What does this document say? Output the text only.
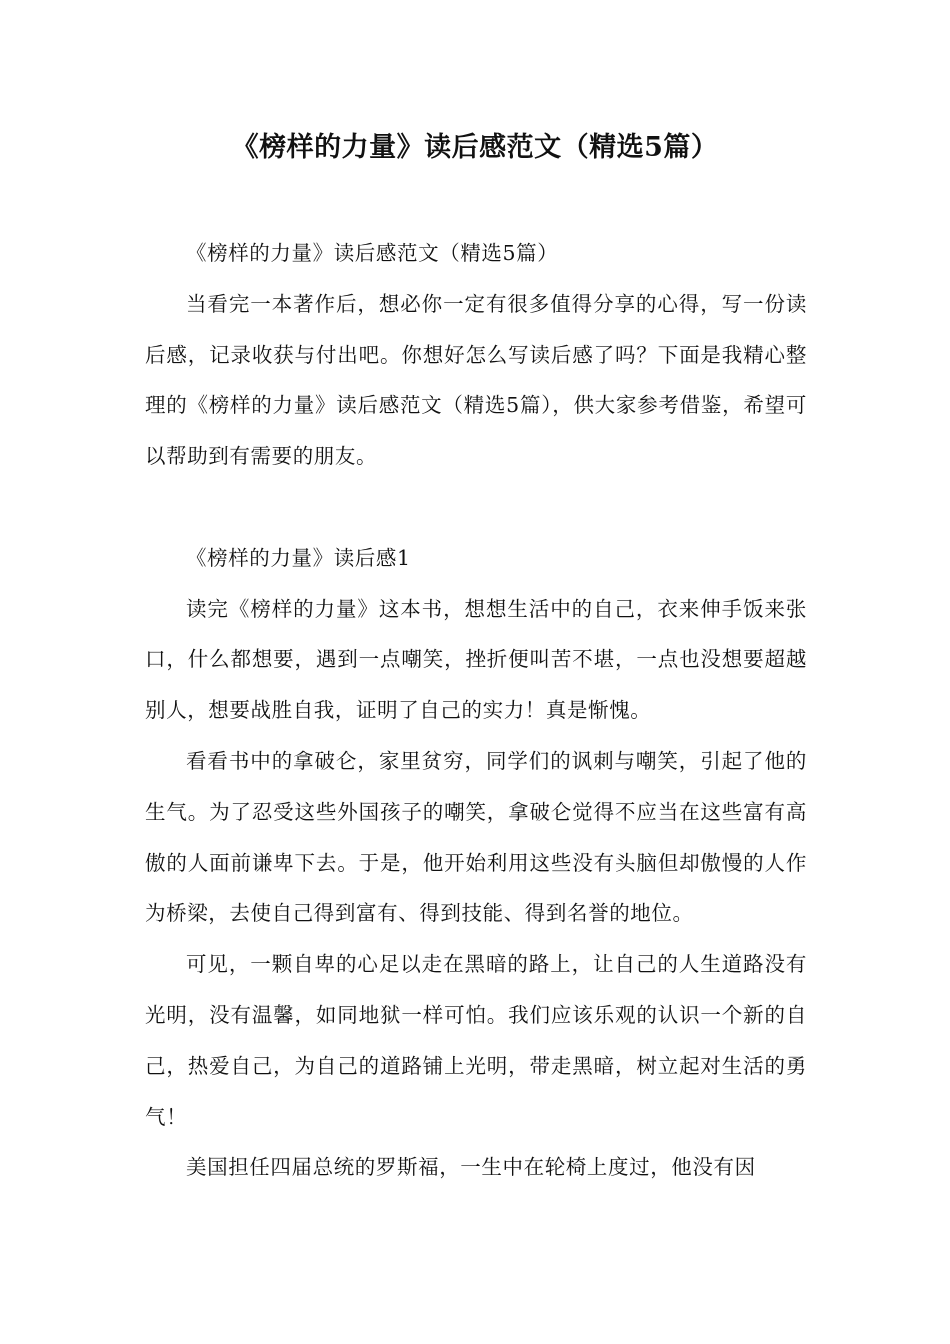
《榜样的力量》读后感范文（精选5篇）

《榜样的力量》读后感范文（精选5篇）

当看完一本著作后，想必你一定有很多值得分享的心得，写一份读后感，记录收获与付出吧。你想好怎么写读后感了吗？下面是我精心整理的《榜样的力量》读后感范文（精选5篇），供大家参考借鉴，希望可以帮助到有需要的朋友。

《榜样的力量》读后感1

读完《榜样的力量》这本书，想想生活中的自己，衣来伸手饭来张口，什么都想要，遇到一点嘲笑，挫折便叫苦不堪，一点也没想要超越别人，想要战胜自我，证明了自己的实力！真是惭愧。

看看书中的拿破仑，家里贫穷，同学们的讽刺与嘲笑，引起了他的生气。为了忍受这些外国孩子的嘲笑，拿破仑觉得不应当在这些富有高傲的人面前谦卑下去。于是，他开始利用这些没有头脑但却傲慢的人作为桥梁，去使自己得到富有、得到技能、得到名誉的地位。

可见，一颗自卑的心足以走在黑暗的路上，让自己的人生道路没有光明，没有温馨，如同地狱一样可怕。我们应该乐观的认识一个新的自己，热爱自己，为自己的道路铺上光明，带走黑暗，树立起对生活的勇气！

美国担任四届总统的罗斯福，一生中在轮椅上度过，他没有因
